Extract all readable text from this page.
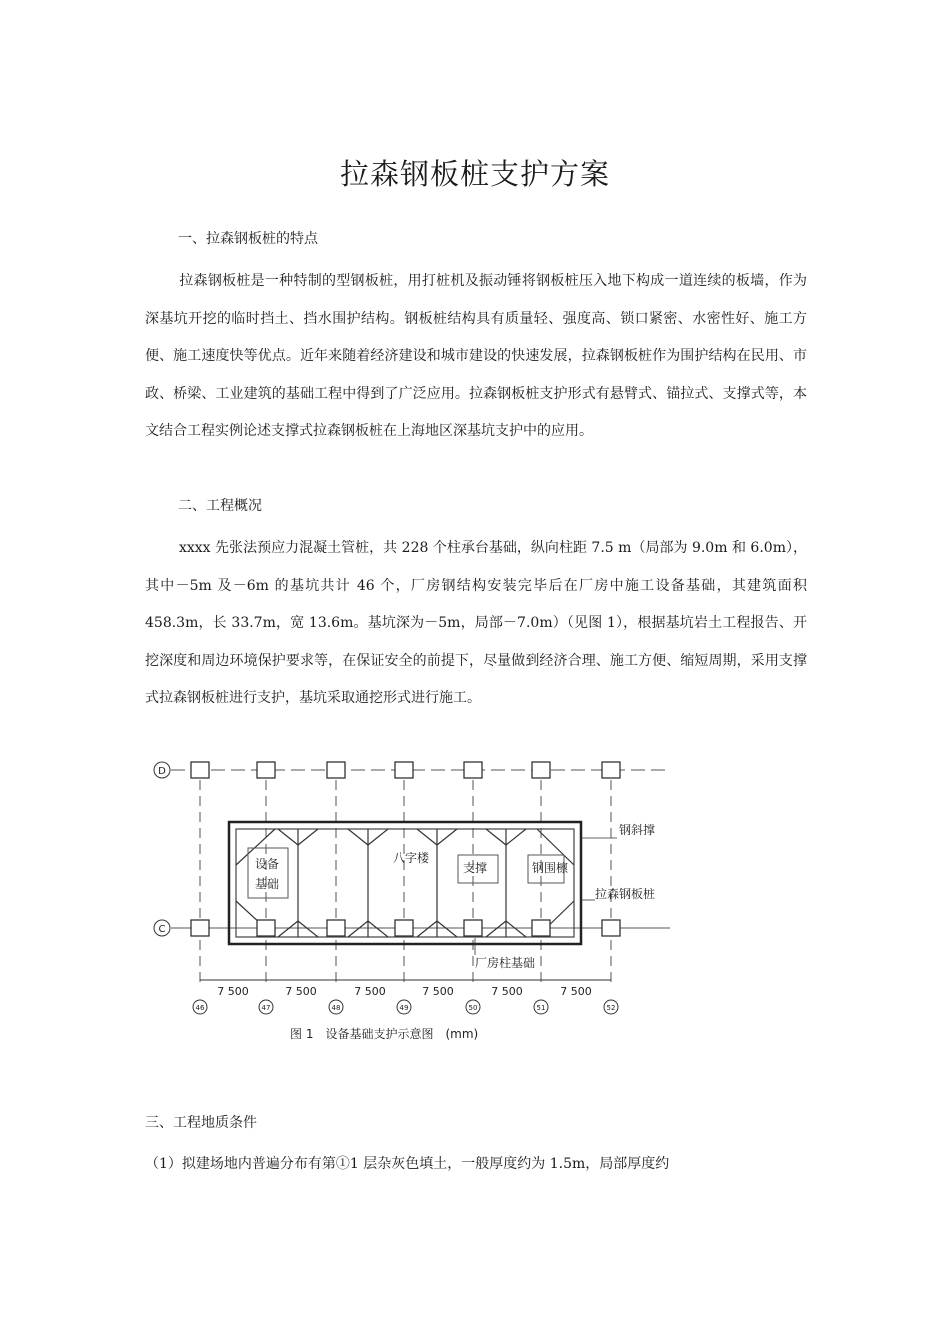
拉森钢板桩支护方案
一、拉森钢板桩的特点
拉森钢板桩是一种特制的型钢板桩，用打桩机及振动锤将钢板桩压入地下构成一道连续的板墙，作为深基坑开挖的临时挡土、挡水围护结构。钢板桩结构具有质量轻、强度高、锁口紧密、水密性好、施工方便、施工速度快等优点。近年来随着经济建设和城市建设的快速发展，拉森钢板桩作为围护结构在民用、市政、桥梁、工业建筑的基础工程中得到了广泛应用。拉森钢板桩支护形式有悬臂式、锚拉式、支撑式等，本文结合工程实例论述支撑式拉森钢板桩在上海地区深基坑支护中的应用。
二、工程概况
xxxx 先张法预应力混凝土管桩，共 228 个柱承台基础，纵向柱距 7.5 m（局部为 9.0m 和 6.0m），其中－5m 及－6m 的基坑共计 46 个，厂房钢结构安装完毕后在厂房中施工设备基础，其建筑面积 458.3m，长 33.7m，宽 13.6m。基坑深为－5m，局部－7.0m）（见图 1），根据基坑岩土工程报告、开挖深度和周边环境保护要求等，在保证安全的前提下，尽量做到经济合理、施工方便、缩短周期，采用支撑式拉森钢板桩进行支护，基坑采取通挖形式进行施工。
D
C
设备
基础
八字楼
支撑	钢围檩
钢斜撑
拉森钢板桩
厂房柱基础
7 500	7 500	7 500	7 500	7 500	7 500
46	47	48	49	50	51	52
图 1　设备基础支护示意图　(mm)
三、工程地质条件
（1）拟建场地内普遍分布有第①1 层杂灰色填土，一般厚度约为 1.5m，局部厚度约
